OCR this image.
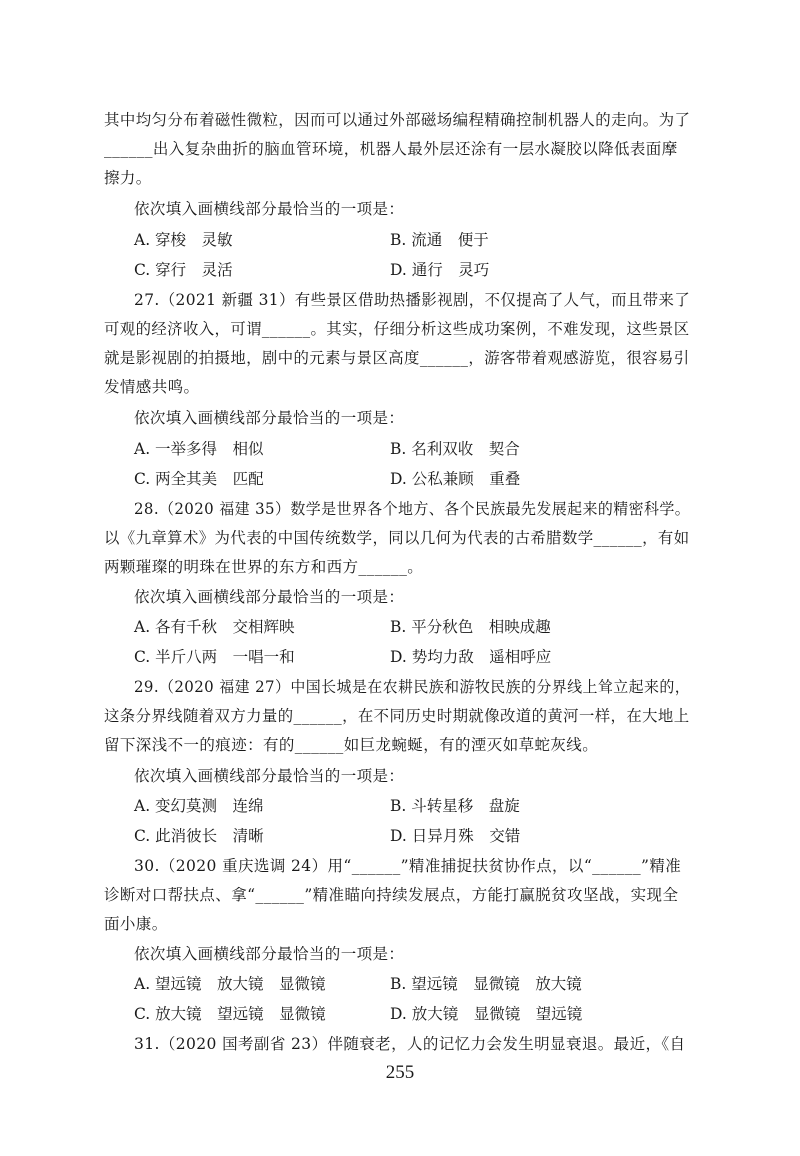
其中均匀分布着磁性微粒，因而可以通过外部磁场编程精确控制机器人的走向。为了
______出入复杂曲折的脑血管环境，机器人最外层还涂有一层水凝胶以降低表面摩
擦力。
依次填入画横线部分最恰当的一项是：
A. 穿梭　灵敏	B. 流通　便于
C. 穿行　灵活	D. 通行　灵巧
27.（2021 新疆 31）有些景区借助热播影视剧，不仅提高了人气，而且带来了
可观的经济收入，可谓______。其实，仔细分析这些成功案例，不难发现，这些景区
就是影视剧的拍摄地，剧中的元素与景区高度______，游客带着观感游览，很容易引
发情感共鸣。
依次填入画横线部分最恰当的一项是：
A. 一举多得　相似	B. 名利双收　契合
C. 两全其美　匹配	D. 公私兼顾　重叠
28.（2020 福建 35）数学是世界各个地方、各个民族最先发展起来的精密科学。
以《九章算术》为代表的中国传统数学，同以几何为代表的古希腊数学______，有如
两颗璀璨的明珠在世界的东方和西方______。
依次填入画横线部分最恰当的一项是：
A. 各有千秋　交相辉映	B. 平分秋色　相映成趣
C. 半斤八两　一唱一和	D. 势均力敌　遥相呼应
29.（2020 福建 27）中国长城是在农耕民族和游牧民族的分界线上耸立起来的，
这条分界线随着双方力量的______，在不同历史时期就像改道的黄河一样，在大地上
留下深浅不一的痕迹：有的______如巨龙蜿蜒，有的湮灭如草蛇灰线。
依次填入画横线部分最恰当的一项是：
A. 变幻莫测　连绵	B. 斗转星移　盘旋
C. 此消彼长　清晰	D. 日异月殊　交错
30.（2020 重庆选调 24）用“______”精准捕捉扶贫协作点，以“______”精准
诊断对口帮扶点、拿“______”精准瞄向持续发展点，方能打赢脱贫攻坚战，实现全
面小康。
依次填入画横线部分最恰当的一项是：
A. 望远镜　放大镜　显微镜	B. 望远镜　显微镜　放大镜
C. 放大镜　望远镜　显微镜	D. 放大镜　显微镜　望远镜
31.（2020 国考副省 23）伴随衰老，人的记忆力会发生明显衰退。最近，《自
255
